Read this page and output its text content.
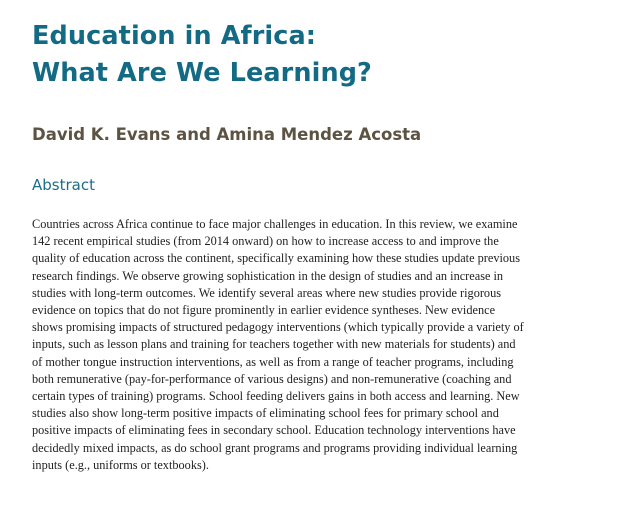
Education in Africa:
What Are We Learning?
David K. Evans and Amina Mendez Acosta
Abstract

Countries across Africa continue to face major challenges in education. In this review, we examine
142 recent empirical studies (from 2014 onward) on how to increase access to and improve the
quality of education across the continent, specifically examining how these studies update previous
research findings. We observe growing sophistication in the design of studies and an increase in
studies with long-term outcomes. We identify several areas where new studies provide rigorous
evidence on topics that do not figure prominently in earlier evidence syntheses. New evidence
shows promising impacts of structured pedagogy interventions (which typically provide a variety of
inputs, such as lesson plans and training for teachers together with new materials for students) and
of mother tongue instruction interventions, as well as from a range of teacher programs, including
both remunerative (pay-for-performance of various designs) and non-remunerative (coaching and
certain types of training) programs. School feeding delivers gains in both access and learning. New
studies also show long-term positive impacts of eliminating school fees for primary school and
positive impacts of eliminating fees in secondary school. Education technology interventions have
decidedly mixed impacts, as do school grant programs and programs providing individual learning
inputs (e.g., uniforms or textbooks).
